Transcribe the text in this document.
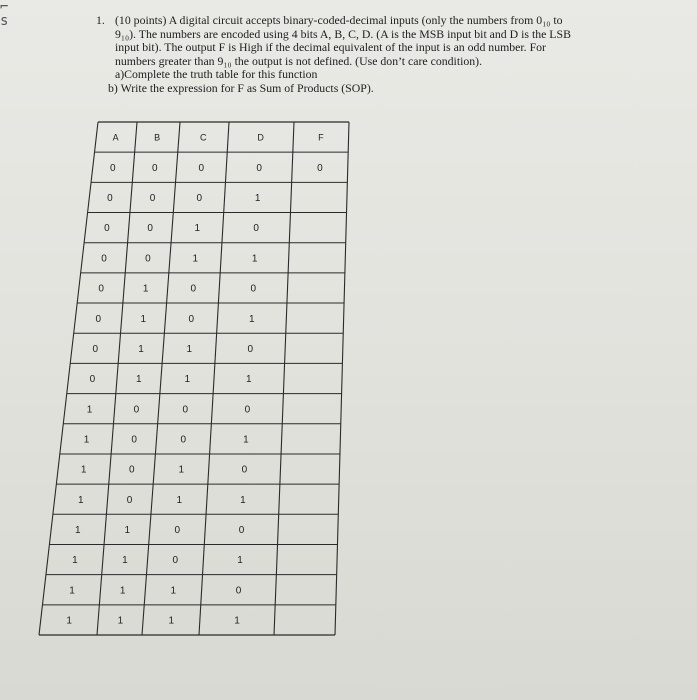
⌐
s	1. (10 points) A digital circuit accepts binary-coded-decimal inputs (only the numbers from 0₁₀ to

9₁₀). The numbers are encoded using 4 bits A, B, C, D. (A is the MSB input bit and D is the LSB

input bit). The output F is High if the decimal equivalent of the input is an odd number. For

numbers greater than 9₁₀ the output is not defined. (Use don’t care condition).

a)Complete the truth table for this function

b) Write the expression for F as Sum of Products (SOP).

A	B	C	D	F
0	0	0	0	0
0	0	0	1
0	0	1	0
0	0	1	1
0	1	0	0
0	1	0	1
0	1	1	0
0	1	1	1
1	0	0	0
1	0	0	1
1	0	1	0
1	0	1	1
1	1	0	0
1	1	0	1
1	1	1	0
1	1	1	1
